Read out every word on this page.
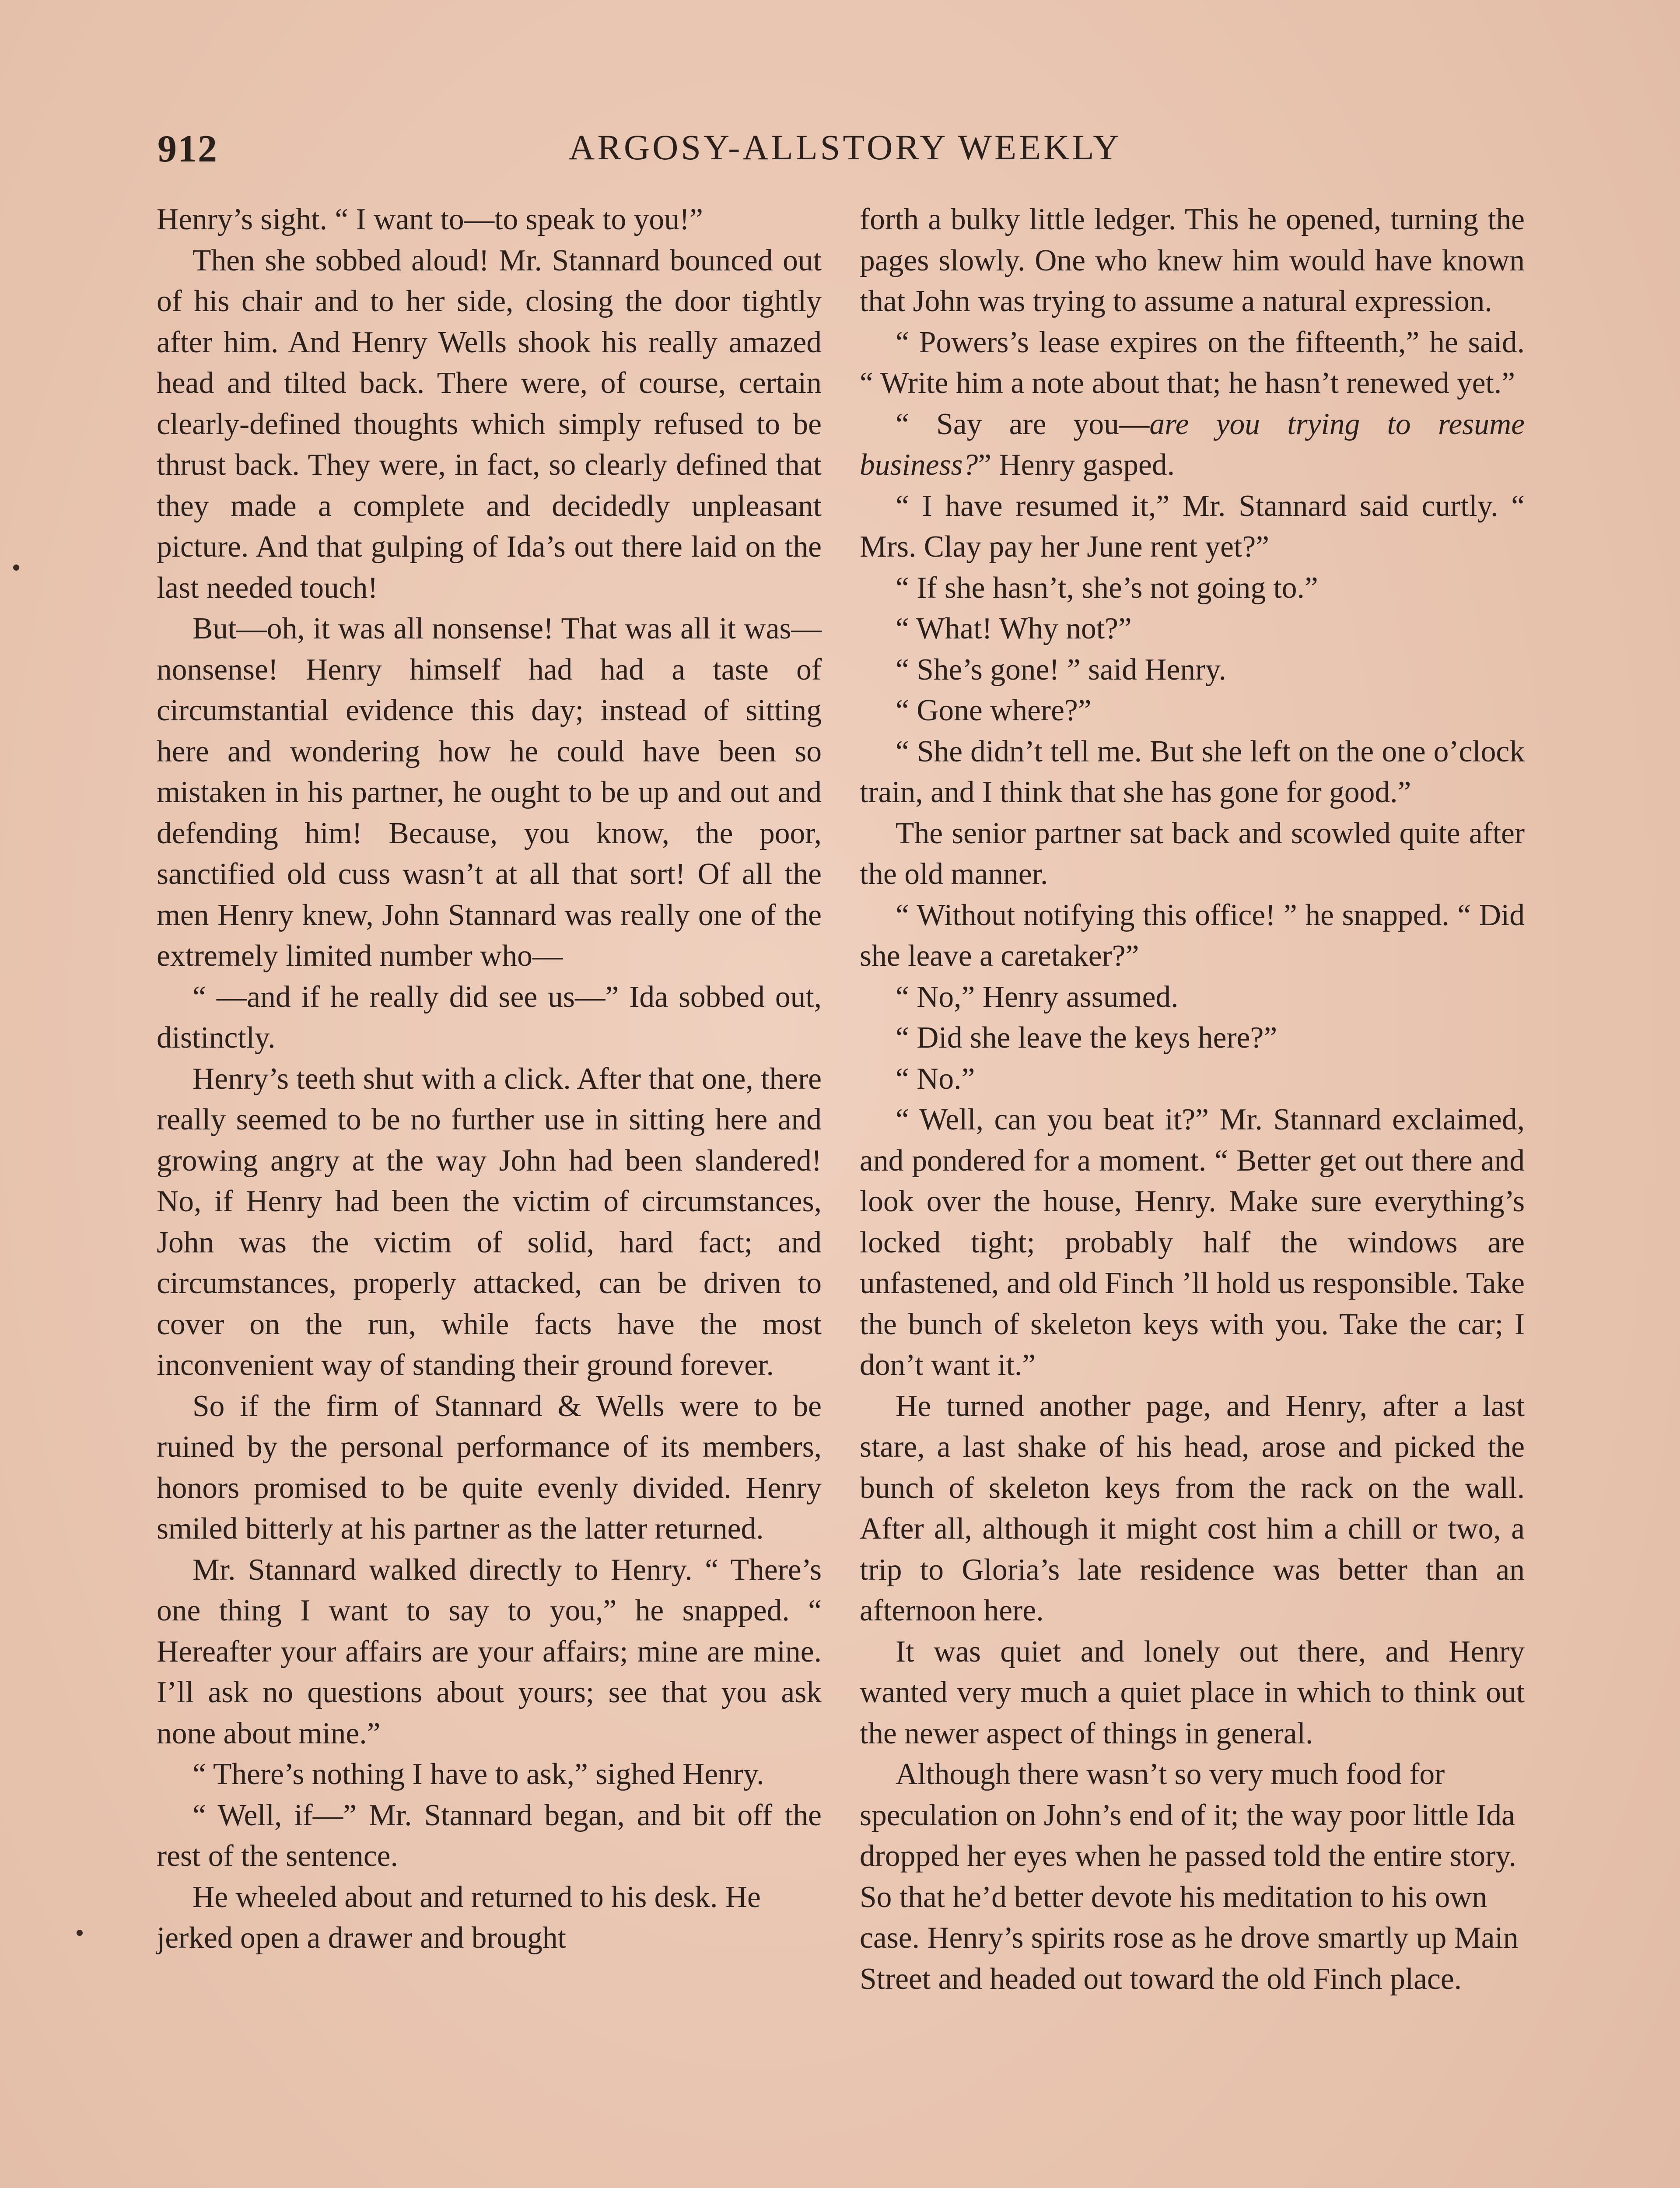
912	ARGOSY-ALLSTORY WEEKLY

Henry’s sight. “ I want to—to speak to you!”

Then she sobbed aloud! Mr. Stannard bounced out of his chair and to her side, closing the door tightly after him. And Henry Wells shook his really amazed head and tilted back. There were, of course, certain clearly-defined thoughts which simply refused to be thrust back. They were, in fact, so clearly defined that they made a complete and decidedly unpleasant picture. And that gulping of Ida’s out there laid on the last needed touch!

But—oh, it was all nonsense! That was all it was—nonsense! Henry himself had had a taste of circumstantial evidence this day; instead of sitting here and wondering how he could have been so mistaken in his partner, he ought to be up and out and defending him! Because, you know, the poor, sanctified old cuss wasn’t at all that sort! Of all the men Henry knew, John Stannard was really one of the extremely limited number who—

“ —and if he really did see us—” Ida sobbed out, distinctly.

Henry’s teeth shut with a click. After that one, there really seemed to be no further use in sitting here and growing angry at the way John had been slandered! No, if Henry had been the victim of circumstances, John was the victim of solid, hard fact; and circumstances, properly attacked, can be driven to cover on the run, while facts have the most inconvenient way of standing their ground forever.

So if the firm of Stannard & Wells were to be ruined by the personal performance of its members, honors promised to be quite evenly divided. Henry smiled bitterly at his partner as the latter returned.

Mr. Stannard walked directly to Henry. “ There’s one thing I want to say to you,” he snapped. “ Hereafter your affairs are your affairs; mine are mine. I’ll ask no questions about yours; see that you ask none about mine.”

“ There’s nothing I have to ask,” sighed Henry.

“ Well, if—” Mr. Stannard began, and bit off the rest of the sentence.

He wheeled about and returned to his desk. He jerked open a drawer and brought

forth a bulky little ledger. This he opened, turning the pages slowly. One who knew him would have known that John was trying to assume a natural expression.

“ Powers’s lease expires on the fifteenth,” he said. “ Write him a note about that; he hasn’t renewed yet.”

“ Say are you—are you trying to resume business?” Henry gasped.

“ I have resumed it,” Mr. Stannard said curtly. “ Mrs. Clay pay her June rent yet?”

“ If she hasn’t, she’s not going to.”

“ What! Why not?”

“ She’s gone! ” said Henry.

“ Gone where?”

“ She didn’t tell me. But she left on the one o’clock train, and I think that she has gone for good.”

The senior partner sat back and scowled quite after the old manner.

“ Without notifying this office! ” he snapped. “ Did she leave a caretaker?”

“ No,” Henry assumed.

“ Did she leave the keys here?”

“ No.”

“ Well, can you beat it?” Mr. Stannard exclaimed, and pondered for a moment. “ Better get out there and look over the house, Henry. Make sure everything’s locked tight; probably half the windows are unfastened, and old Finch ’ll hold us responsible. Take the bunch of skeleton keys with you. Take the car; I don’t want it.”

He turned another page, and Henry, after a last stare, a last shake of his head, arose and picked the bunch of skeleton keys from the rack on the wall. After all, although it might cost him a chill or two, a trip to Gloria’s late residence was better than an afternoon here.

It was quiet and lonely out there, and Henry wanted very much a quiet place in which to think out the newer aspect of things in general.

Although there wasn’t so very much food for speculation on John’s end of it; the way poor little Ida dropped her eyes when he passed told the entire story. So that he’d better devote his meditation to his own case. Henry’s spirits rose as he drove smartly up Main Street and headed out toward the old Finch place.
